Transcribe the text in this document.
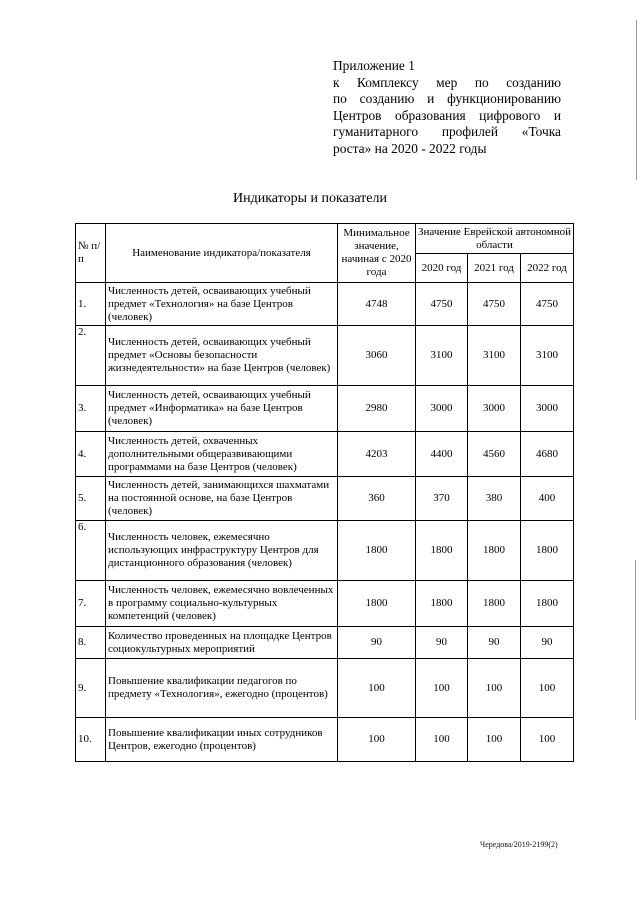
Приложение 1
к Комплексу мер по созданию
по созданию и функционированию
Центров образования цифрового и
гуманитарного профилей «Точка
роста» на 2020 - 2022 годы
Индикаторы и показатели
№ п/п	Наименование индикатора/показателя	Минимальное значение, начиная с 2020 года	Значение Еврейской автономной области		
			2020 год	2021 год	2022 год
1.	Численность детей, осваивающих учебный предмет «Технология» на базе Центров (человек)	4748	4750	4750	4750
2.	Численность детей, осваивающих учебный предмет «Основы безопасности жизнедеятельности» на базе Центров (человек)	3060	3100	3100	3100
3.	Численность детей, осваивающих учебный предмет «Информатика» на базе Центров (человек)	2980	3000	3000	3000
4.	Численность детей, охваченных дополнительными общеразвивающими программами на базе Центров (человек)	4203	4400	4560	4680
5.	Численность детей, занимающихся шахматами на постоянной основе, на базе Центров (человек)	360	370	380	400
6.	Численность человек, ежемесячно использующих инфраструктуру Центров для дистанционного образования (человек)	1800	1800	1800	1800
7.	Численность человек, ежемесячно вовлеченных в программу социально-культурных компетенций (человек)	1800	1800	1800	1800
8.	Количество проведенных на площадке Центров социокультурных мероприятий	90	90	90	90
9.	Повышение квалификации педагогов по предмету «Технология», ежегодно (процентов)	100	100	100	100
10.	Повышение квалификации иных сотрудников Центров, ежегодно (процентов)	100	100	100	100
Чередова/2019-2199(2)
